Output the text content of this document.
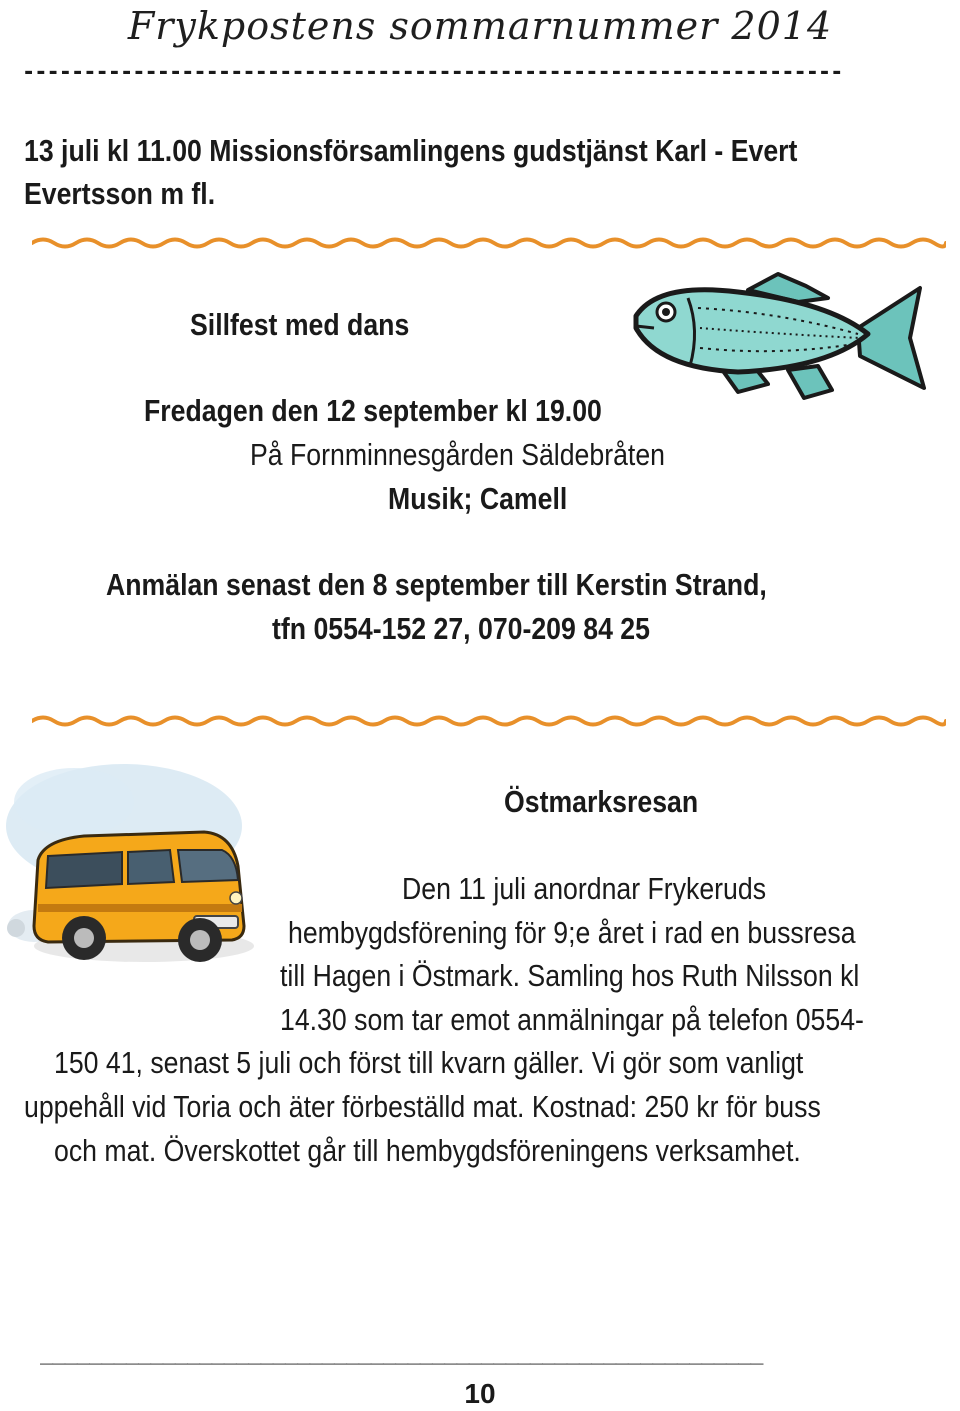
Frykpostens sommarnummer 2014
-------------------------------------------------------------------
13 juli kl 11.00 Missionsförsamlingens gudstjänst Karl - Evert
Evertsson m fl.
Sillfest med dans
Fredagen den 12 september kl 19.00
På Fornminnesgården Säldebråten
Musik; Camell
Anmälan senast den 8 september till Kerstin Strand,
tfn 0554-152 27, 070-209 84 25
Östmarksresan
Den 11 juli anordnar Frykeruds
hembygdsförening för 9;e året i rad en bussresa
till Hagen i Östmark. Samling hos Ruth Nilsson kl
14.30 som tar emot anmälningar på telefon 0554-
150 41, senast 5 juli och först till kvarn gäller. Vi gör som vanligt
uppehåll vid Toria och äter förbeställd mat. Kostnad: 250 kr för buss
och mat. Överskottet går till hembygdsföreningens verksamhet.
___________________________________________________________
10
